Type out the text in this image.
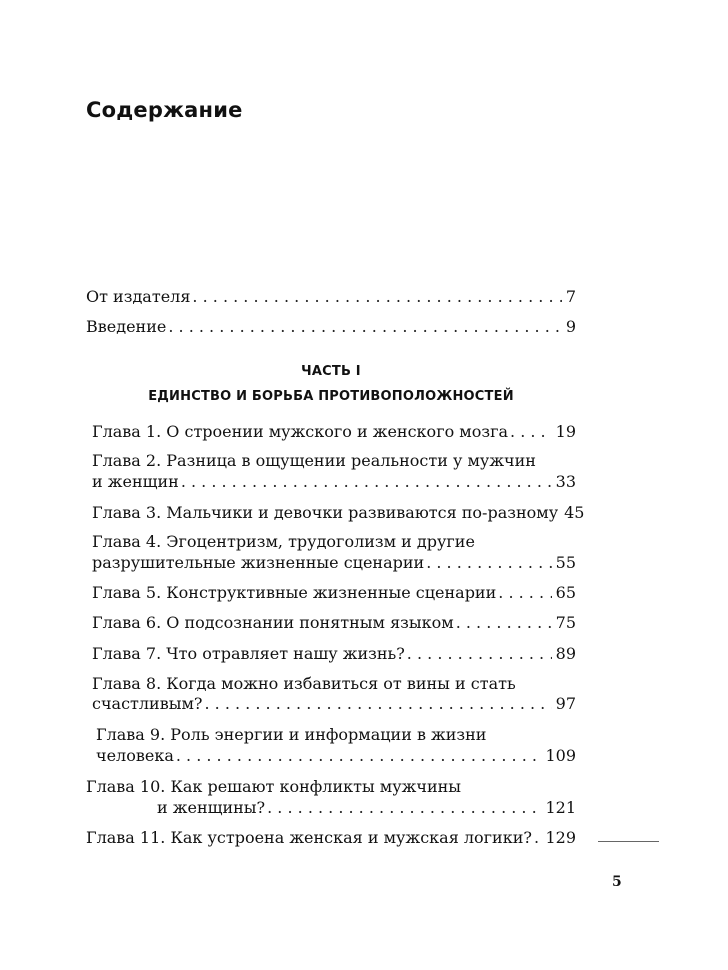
Содержание
От издателя . . .	7
Введение . . .	9
ЧАСТЬ I
ЕДИНСТВО И БОРЬБА ПРОТИВОПОЛОЖНОСТЕЙ
Глава 1. О строении мужского и женского мозга . . .	19
Глава 2. Разница в ощущении реальности у мужчин
и женщин . . .	33
Глава 3. Мальчики и девочки развиваются по-разному 45
Глава 4. Эгоцентризм, трудоголизм и другие
разрушительные жизненные сценарии . . .	55
Глава 5. Конструктивные жизненные сценарии . . .	65
Глава 6. О подсознании понятным языком . . .	75
Глава 7. Что отравляет нашу жизнь? . . .	89
Глава 8. Когда можно избавиться от вины и стать
счастливым? . . .	97
Глава 9. Роль энергии и информации в жизни
человека . . .	109
Глава 10. Как решают конфликты мужчины
и женщины? . . .	121
Глава 11. Как устроена женская и мужская логики? . . . 129
5
